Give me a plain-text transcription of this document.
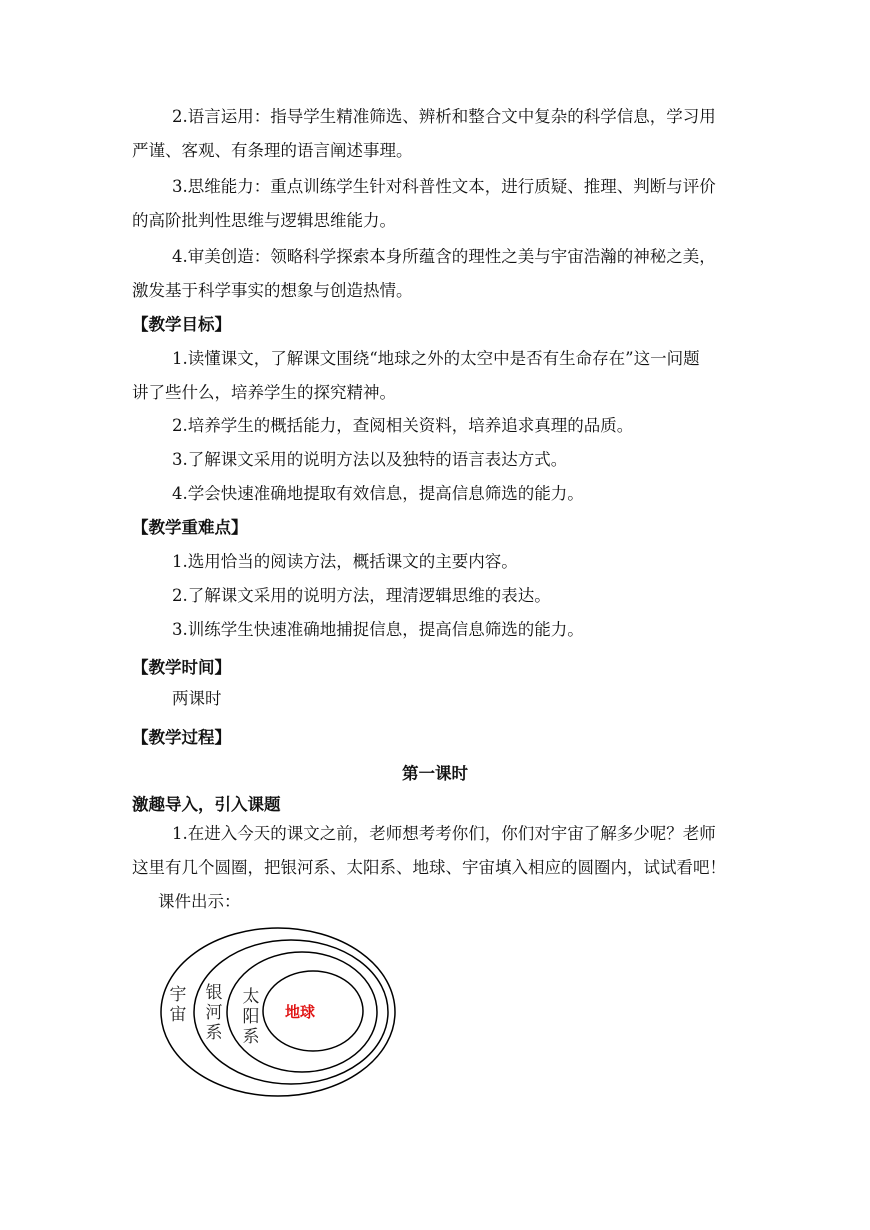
2.语言运用：指导学生精准筛选、辨析和整合文中复杂的科学信息，学习用
严谨、客观、有条理的语言阐述事理。
3.思维能力：重点训练学生针对科普性文本，进行质疑、推理、判断与评价
的高阶批判性思维与逻辑思维能力。
4.审美创造：领略科学探索本身所蕴含的理性之美与宇宙浩瀚的神秘之美，
激发基于科学事实的想象与创造热情。
【教学目标】
1.读懂课文，了解课文围绕“地球之外的太空中是否有生命存在”这一问题
讲了些什么，培养学生的探究精神。
2.培养学生的概括能力，查阅相关资料，培养追求真理的品质。
3.了解课文采用的说明方法以及独特的语言表达方式。
4.学会快速准确地提取有效信息，提高信息筛选的能力。
【教学重难点】
1.选用恰当的阅读方法，概括课文的主要内容。
2.了解课文采用的说明方法，理清逻辑思维的表达。
3.训练学生快速准确地捕捉信息，提高信息筛选的能力。
【教学时间】
两课时
【教学过程】
第一课时
激趣导入，引入课题
1.在进入今天的课文之前，老师想考考你们，你们对宇宙了解多少呢？老师
这里有几个圆圈，把银河系、太阳系、地球、宇宙填入相应的圆圈内，试试看吧！
课件出示：
宇
宙
银
河
系
太
阳
系
地球
